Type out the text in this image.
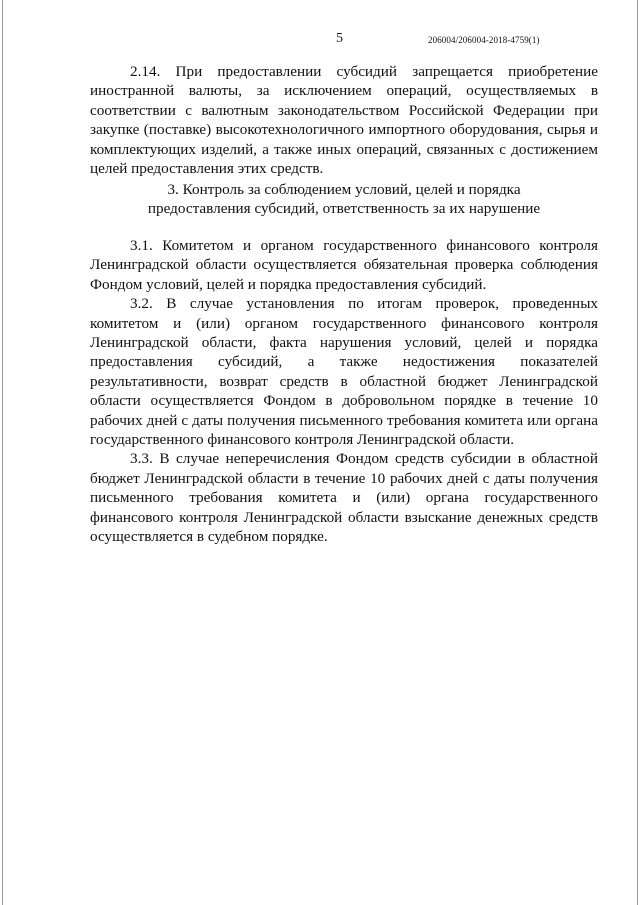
5	206004/206004-2018-4759(1)

2.14. При предоставлении субсидий запрещается приобретение иностранной валюты, за исключением операций, осуществляемых в соответствии с валютным законодательством Российской Федерации при закупке (поставке) высокотехнологичного импортного оборудования, сырья и комплектующих изделий, а также иных операций, связанных с достижением целей предоставления этих средств.

3. Контроль за соблюдением условий, целей и порядка
предоставления субсидий, ответственность за их нарушение

3.1. Комитетом и органом государственного финансового контроля Ленинградской области осуществляется обязательная проверка соблюдения Фондом условий, целей и порядка предоставления субсидий.

3.2. В случае установления по итогам проверок, проведенных комитетом и (или) органом государственного финансового контроля Ленинградской области, факта нарушения условий, целей и порядка предоставления субсидий, а также недостижения показателей результативности, возврат средств в областной бюджет Ленинградской области осуществляется Фондом в добровольном порядке в течение 10 рабочих дней с даты получения письменного требования комитета или органа государственного финансового контроля Ленинградской области.

3.3. В случае неперечисления Фондом средств субсидии в областной бюджет Ленинградской области в течение 10 рабочих дней с даты получения письменного требования комитета и (или) органа государственного финансового контроля Ленинградской области взыскание денежных средств осуществляется в судебном порядке.
